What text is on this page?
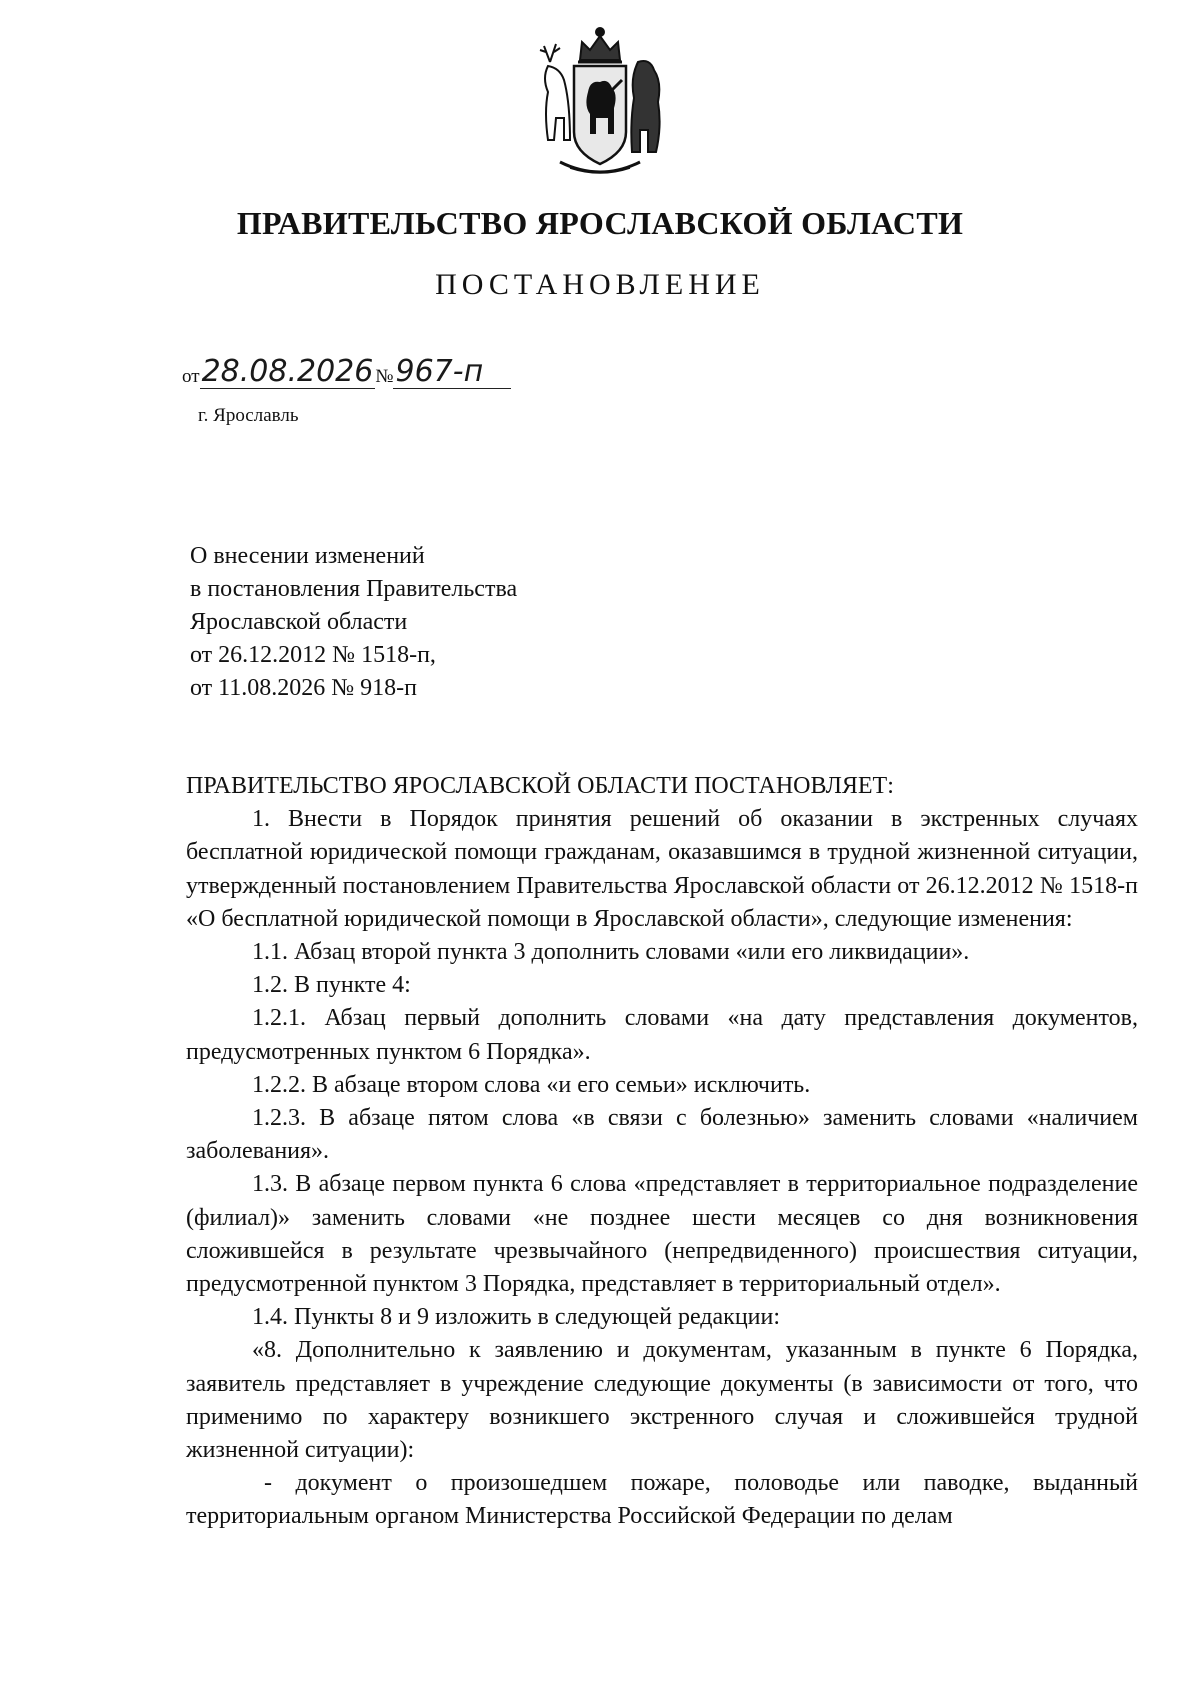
ПРАВИТЕЛЬСТВО ЯРОСЛАВСКОЙ ОБЛАСТИ
ПОСТАНОВЛЕНИЕ
от 28.08.2026 № 967-п
г. Ярославль
О внесении изменений
в постановления Правительства
Ярославской области
от 26.12.2012 № 1518-п,
от 11.08.2026 № 918-п

ПРАВИТЕЛЬСТВО ЯРОСЛАВСКОЙ ОБЛАСТИ ПОСТАНОВЛЯЕТ:

1. Внести в Порядок принятия решений об оказании в экстренных случаях бесплатной юридической помощи гражданам, оказавшимся в трудной жизненной ситуации, утвержденный постановлением Правительства Ярославской области от 26.12.2012 № 1518-п «О бесплатной юридической помощи в Ярославской области», следующие изменения:

1.1. Абзац второй пункта 3 дополнить словами «или его ликвидации».

1.2. В пункте 4:

1.2.1. Абзац первый дополнить словами «на дату представления документов, предусмотренных пунктом 6 Порядка».

1.2.2. В абзаце втором слова «и его семьи» исключить.

1.2.3. В абзаце пятом слова «в связи с болезнью» заменить словами «наличием заболевания».

1.3. В абзаце первом пункта 6 слова «представляет в территориальное подразделение (филиал)» заменить словами «не позднее шести месяцев со дня возникновения сложившейся в результате чрезвычайного (непредвиденного) происшествия ситуации, предусмотренной пунктом 3 Порядка, представляет в территориальный отдел».

1.4. Пункты 8 и 9 изложить в следующей редакции:

«8. Дополнительно к заявлению и документам, указанным в пункте 6 Порядка, заявитель представляет в учреждение следующие документы (в зависимости от того, что применимо по характеру возникшего экстренного случая и сложившейся трудной жизненной ситуации):

- документ о произошедшем пожаре, половодье или паводке, выданный территориальным органом Министерства Российской Федерации по делам
